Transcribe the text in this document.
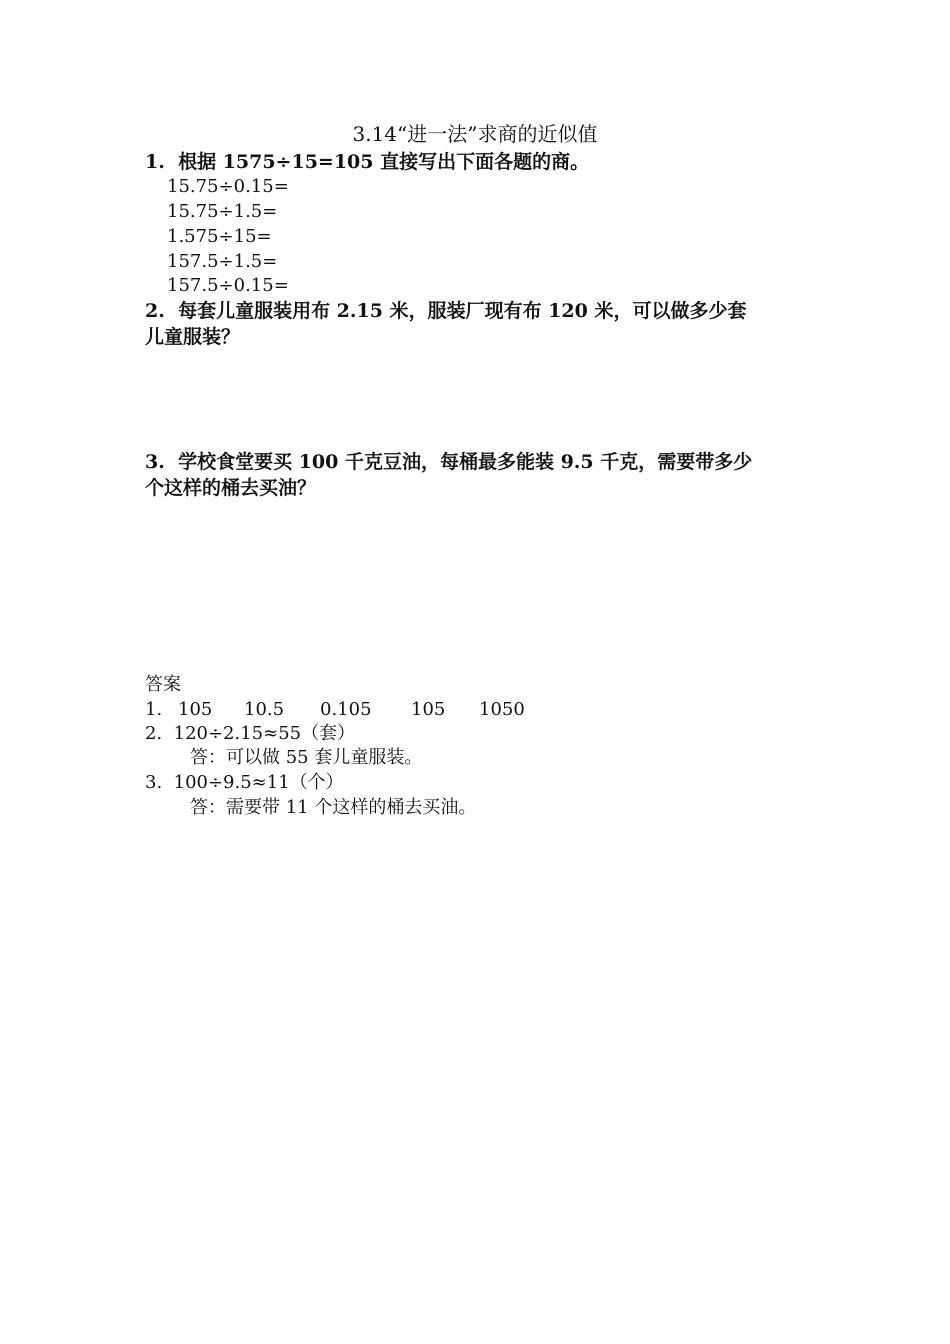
3.14“进一法”求商的近似值
1.  根据 1575÷15=105 直接写出下面各题的商。
15.75÷0.15=
15.75÷1.5=
1.575÷15=
157.5÷1.5=
157.5÷0.15=
2.  每套儿童服装用布 2.15 米，服装厂现有布 120 米，可以做多少套
儿童服装？
3.  学校食堂要买 100 千克豆油，每桶最多能装 9.5 千克，需要带多少
个这样的桶去买油？
答案

1.

105

10.5

0.105

105

1050

2.  120÷2.15≈55（套）
答：可以做 55 套儿童服装。
3.  100÷9.5≈11（个）
答：需要带 11 个这样的桶去买油。
